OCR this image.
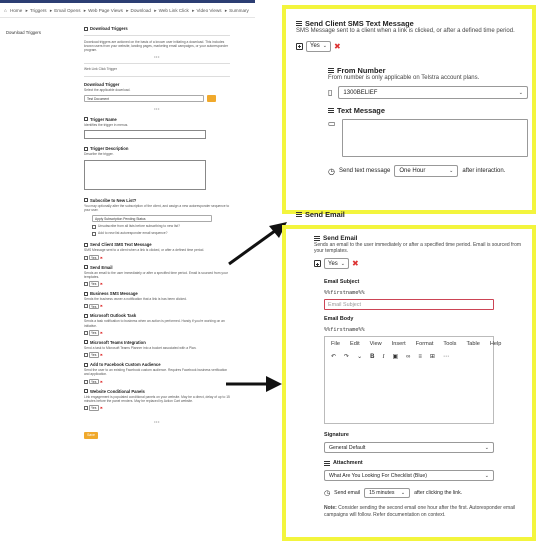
⌂ Home ▸ Triggers ▸ Email Opens ▸ Web Page Views ▸ Download ▸ Web Link Click ▸ Video Views ▸ Summary
Download Triggers
Download Triggers
Download triggers are actioned on the basis of a known user initiating a download. This includes known users from your website, landing pages, marketing email campaigns, or your autoresponder program.
•••
Web Link Click Trigger
Download Trigger
Select the applicable download.
Test Document
•••
Trigger Name
Identifies the trigger in menus.
Trigger Description
Describe the trigger.
Subscribe to New List?
You may optionally alter the subscription of the client, and assign a new autoresponder sequence to your user.
Apply Subscription Pending Status
Unsubscribe from all lists before subscribing to new list?
Add to new list autoresponder email sequence?
Send Client SMS Text Message
SMS Message sent to a client when a link is clicked, or after a defined time period.
Yes	✖
Send Email
Sends an email to the user immediately or after a specified time period. Email is sourced from your templates.
Yes	✖
Business SMS Message
Sends the business owner a notification that a link is has been clicked.
Yes	✖
Microsoft Outlook Task
Sends a task notification to business when an action is performed. Handy if you're working on an initiative.
Yes	✖
Microsoft Teams Integration
Send a task to Microsoft Teams Planner into a bucket associated with a Plan.
Yes	✖
Add to Facebook Custom Audience
Send the user to an existing Facebook custom audience. Requires Facebook business verification and application.
Yes	✖
Website Conditional Panels
Link engagement is populated conditional panels on your website. May be a direct, delay of up to 15 minutes before the panel renders. May be replaced by Action Cart website.
Yes	✖
•••
Save
Send Client SMS Text Message
SMS Message sent to a client when a link is clicked, or after a defined time period.
Yes ⌄ ✖
From Number
From number is only applicable on Telstra account plans.
▯ 1300BELIEF	⌄
Text Message
▭
◷ Send text message One Hour	⌄ after interaction.
Send Email
Send Email
Sends an email to the user immediately or after a specified time period. Email is sourced from your templates.
Yes ⌄ ✖
Email Subject
%%firstname%%
Email Subject
Email Body
%%firstname%%
File Edit View Insert Format Tools Table Help
↶ ↷ ⌄ B I ▣ ∞ ≡ ⊞ ⋯
Signature
General Default	⌄
Attachment
What Are You Looking For Checklist (Blue)	⌄
◷ Send email 15 minutes ⌄ after clicking the link.
Note: Consider sending the second email one hour after the first. Autoresponder email campaigns will follow. Refer documentation on context.
